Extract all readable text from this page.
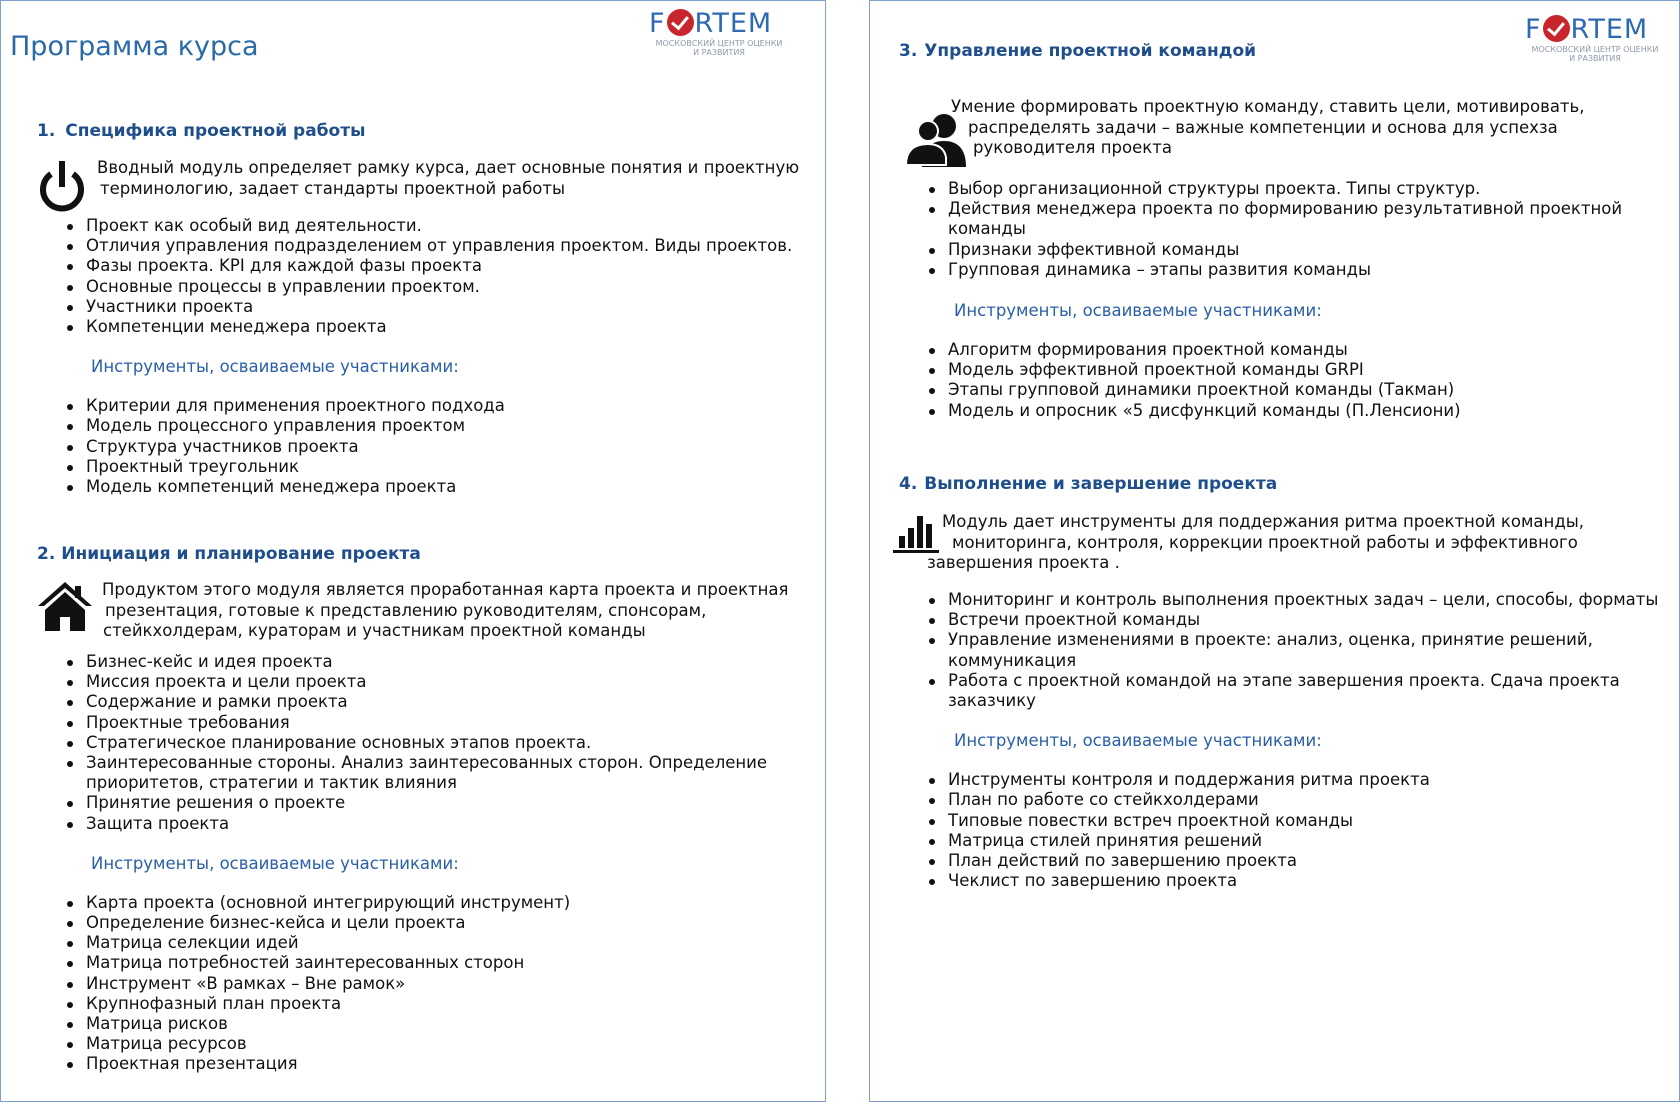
Программа курса
F RTEM
МОСКОВСКИЙ ЦЕНТР ОЦЕНКИ
И РАЗВИТИЯ
1. Специфика проектной работы

Вводный модуль определяет рамку курса, дает основные понятия и проектную

терминологию, задает стандарты проектной работы

Проект как особый вид деятельности.
Отличия управления подразделением от управления проектом. Виды проектов.
Фазы проекта. KPI для каждой фазы проекта
Основные процессы в управлении проектом.
Участники проекта
Компетенции менеджера проекта

Инструменты, осваиваемые участниками:

Критерии для применения проектного подхода
Модель процессного управления проектом
Структура участников проекта
Проектный треугольник
Модель компетенций менеджера проекта
2. Инициация и планирование проекта

Продуктом этого модуля является проработанная карта проекта и проектная

презентация, готовые к представлению руководителям, спонсорам,

стейкхолдерам, кураторам и участникам проектной команды

Бизнес-кейс и идея проекта
Миссия проекта и цели проекта
Содержание и рамки проекта
Проектные требования
Стратегическое планирование основных этапов проекта.
Заинтересованные стороны. Анализ заинтересованных сторон. Определение приоритетов, стратегии и тактик влияния
Принятие решения о проекте
Защита проекта

Инструменты, осваиваемые участниками:

Карта проекта (основной интегрирующий инструмент)
Определение бизнес-кейса и цели проекта
Матрица селекции идей
Матрица потребностей заинтересованных сторон
Инструмент «В рамках – Вне рамок»
Крупнофазный план проекта
Матрица рисков
Матрица ресурсов
Проектная презентация
F RTEM
МОСКОВСКИЙ ЦЕНТР ОЦЕНКИ
И РАЗВИТИЯ
3. Управление проектной командой

Умение формировать проектную команду, ставить цели, мотивировать,

распределять задачи – важные компетенции и основа для успехза

руководителя проекта

Выбор организационной структуры проекта. Типы структур.
Действия менеджера проекта по формированию результативной проектной команды
Признаки эффективной команды
Групповая динамика – этапы развития команды

Инструменты, осваиваемые участниками:

Алгоритм формирования проектной команды
Модель эффективной проектной команды GRPI
Этапы групповой динамики проектной команды (Такман)
Модель и опросник «5 дисфункций команды (П.Ленсиони)
4. Выполнение и завершение проекта

Модуль дает инструменты для поддержания ритма проектной команды,

мониторинга, контроля, коррекции проектной работы и эффективного

завершения проекта .

Мониторинг и контроль выполнения проектных задач – цели, способы, форматы
Встречи проектной команды
Управление изменениями в проекте: анализ, оценка, принятие решений, коммуникация
Работа с проектной командой на этапе завершения проекта. Сдача проекта заказчику

Инструменты, осваиваемые участниками:

Инструменты контроля и поддержания ритма проекта
План по работе со стейкхолдерами
Типовые повестки встреч проектной команды
Матрица стилей принятия решений
План действий по завершению проекта
Чеклист по завершению проекта
